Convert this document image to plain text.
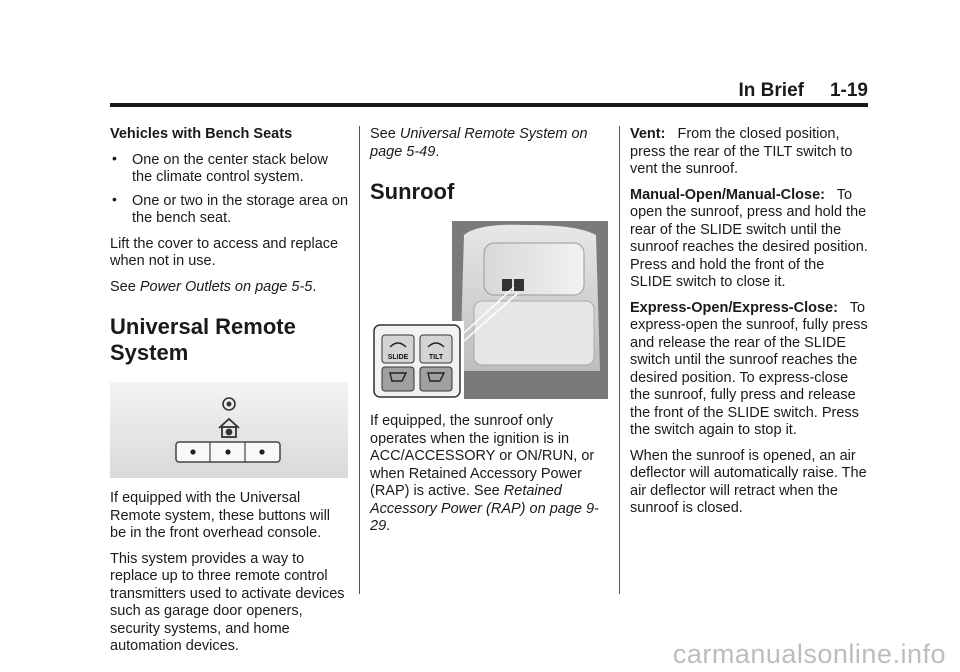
In Brief 1-19

Vehicles with Bench Seats

• One on the center stack below the climate control system.
• One or two in the storage area on the bench seat.

Lift the cover to access and replace when not in use.

See Power Outlets on page 5-5.

Universal Remote System

If equipped with the Universal Remote system, these buttons will be in the front overhead console.

This system provides a way to replace up to three remote control transmitters used to activate devices such as garage door openers, security systems, and home automation devices.

See Universal Remote System on page 5-49.

Sunroof
SLIDE	TILT

If equipped, the sunroof only operates when the ignition is in ACC/ACCESSORY or ON/RUN, or when Retained Accessory Power (RAP) is active. See Retained Accessory Power (RAP) on page 9-29.

Vent: From the closed position, press the rear of the TILT switch to vent the sunroof.

Manual-Open/Manual-Close: To open the sunroof, press and hold the rear of the SLIDE switch until the sunroof reaches the desired position. Press and hold the front of the SLIDE switch to close it.

Express-Open/Express-Close: To express-open the sunroof, fully press and release the rear of the SLIDE switch until the sunroof reaches the desired position. To express-close the sunroof, fully press and release the front of the SLIDE switch. Press the switch again to stop it.

When the sunroof is opened, an air deflector will automatically raise. The air deflector will retract when the sunroof is closed.

carmanualsonline.info
